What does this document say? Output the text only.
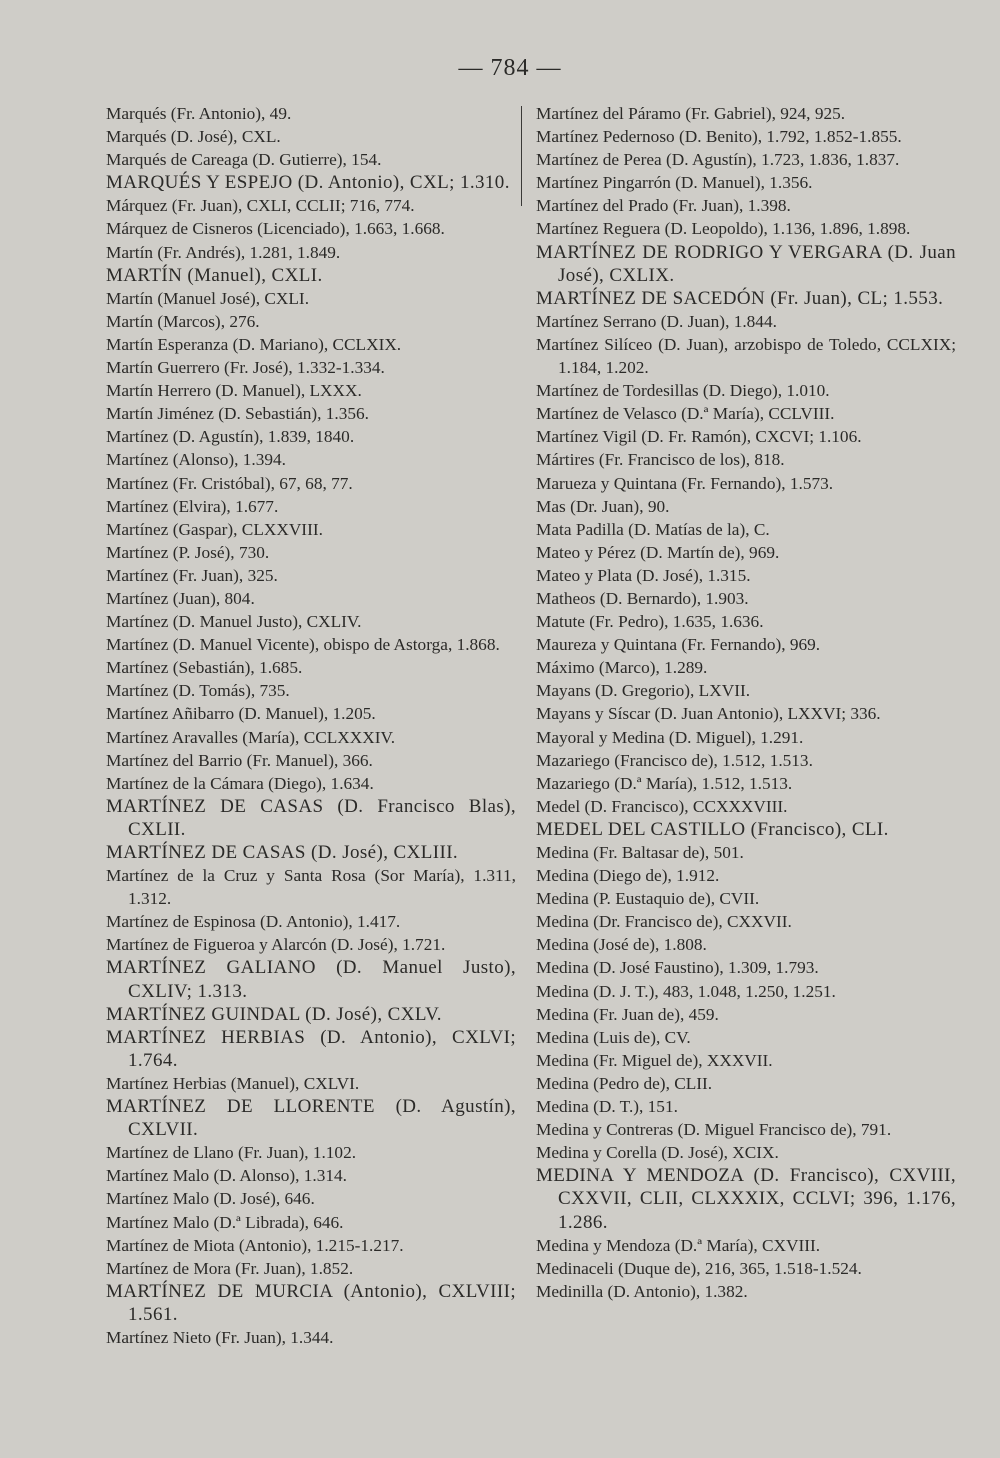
— 784 —
Marqués (Fr. Antonio), 49.
Marqués (D. José), CXL.
Marqués de Careaga (D. Gutierre), 154.
MARQUÉS Y ESPEJO (D. Antonio), CXL; 1.310.
Márquez (Fr. Juan), CXLI, CCLII; 716, 774.
Márquez de Cisneros (Licenciado), 1.663, 1.668.
Martín (Fr. Andrés), 1.281, 1.849.
MARTÍN (Manuel), CXLI.
Martín (Manuel José), CXLI.
Martín (Marcos), 276.
Martín Esperanza (D. Mariano), CCLXIX.
Martín Guerrero (Fr. José), 1.332-1.334.
Martín Herrero (D. Manuel), LXXX.
Martín Jiménez (D. Sebastián), 1.356.
Martínez (D. Agustín), 1.839, 1840.
Martínez (Alonso), 1.394.
Martínez (Fr. Cristóbal), 67, 68, 77.
Martínez (Elvira), 1.677.
Martínez (Gaspar), CLXXVIII.
Martínez (P. José), 730.
Martínez (Fr. Juan), 325.
Martínez (Juan), 804.
Martínez (D. Manuel Justo), CXLIV.
Martínez (D. Manuel Vicente), obispo de Astorga, 1.868.
Martínez (Sebastián), 1.685.
Martínez (D. Tomás), 735.
Martínez Añibarro (D. Manuel), 1.205.
Martínez Aravalles (María), CCLXXXIV.
Martínez del Barrio (Fr. Manuel), 366.
Martínez de la Cámara (Diego), 1.634.
MARTÍNEZ DE CASAS (D. Francisco Blas), CXLII.
MARTÍNEZ DE CASAS (D. José), CXLIII.
Martínez de la Cruz y Santa Rosa (Sor María), 1.311, 1.312.
Martínez de Espinosa (D. Antonio), 1.417.
Martínez de Figueroa y Alarcón (D. José), 1.721.
MARTÍNEZ GALIANO (D. Manuel Justo), CXLIV; 1.313.
MARTÍNEZ GUINDAL (D. José), CXLV.
MARTÍNEZ HERBIAS (D. Antonio), CXLVI; 1.764.
Martínez Herbias (Manuel), CXLVI.
MARTÍNEZ DE LLORENTE (D. Agustín), CXLVII.
Martínez de Llano (Fr. Juan), 1.102.
Martínez Malo (D. Alonso), 1.314.
Martínez Malo (D. José), 646.
Martínez Malo (D.ª Librada), 646.
Martínez de Miota (Antonio), 1.215-1.217.
Martínez de Mora (Fr. Juan), 1.852.
MARTÍNEZ DE MURCIA (Antonio), CXLVIII; 1.561.
Martínez Nieto (Fr. Juan), 1.344.
Martínez del Páramo (Fr. Gabriel), 924, 925.
Martínez Pedernoso (D. Benito), 1.792, 1.852-1.855.
Martínez de Perea (D. Agustín), 1.723, 1.836, 1.837.
Martínez Pingarrón (D. Manuel), 1.356.
Martínez del Prado (Fr. Juan), 1.398.
Martínez Reguera (D. Leopoldo), 1.136, 1.896, 1.898.
MARTÍNEZ DE RODRIGO Y VERGARA (D. Juan José), CXLIX.
MARTÍNEZ DE SACEDÓN (Fr. Juan), CL; 1.553.
Martínez Serrano (D. Juan), 1.844.
Martínez Silíceo (D. Juan), arzobispo de Toledo, CCLXIX; 1.184, 1.202.
Martínez de Tordesillas (D. Diego), 1.010.
Martínez de Velasco (D.ª María), CCLVIII.
Martínez Vigil (D. Fr. Ramón), CXCVI; 1.106.
Mártires (Fr. Francisco de los), 818.
Marueza y Quintana (Fr. Fernando), 1.573.
Mas (Dr. Juan), 90.
Mata Padilla (D. Matías de la), C.
Mateo y Pérez (D. Martín de), 969.
Mateo y Plata (D. José), 1.315.
Matheos (D. Bernardo), 1.903.
Matute (Fr. Pedro), 1.635, 1.636.
Maureza y Quintana (Fr. Fernando), 969.
Máximo (Marco), 1.289.
Mayans (D. Gregorio), LXVII.
Mayans y Síscar (D. Juan Antonio), LXXVI; 336.
Mayoral y Medina (D. Miguel), 1.291.
Mazariego (Francisco de), 1.512, 1.513.
Mazariego (D.ª María), 1.512, 1.513.
Medel (D. Francisco), CCXXXVIII.
MEDEL DEL CASTILLO (Francisco), CLI.
Medina (Fr. Baltasar de), 501.
Medina (Diego de), 1.912.
Medina (P. Eustaquio de), CVII.
Medina (Dr. Francisco de), CXXVII.
Medina (José de), 1.808.
Medina (D. José Faustino), 1.309, 1.793.
Medina (D. J. T.), 483, 1.048, 1.250, 1.251.
Medina (Fr. Juan de), 459.
Medina (Luis de), CV.
Medina (Fr. Miguel de), XXXVII.
Medina (Pedro de), CLII.
Medina (D. T.), 151.
Medina y Contreras (D. Miguel Francisco de), 791.
Medina y Corella (D. José), XCIX.
MEDINA Y MENDOZA (D. Francisco), CXVIII, CXXVII, CLII, CLXXXIX, CCLVI; 396, 1.176, 1.286.
Medina y Mendoza (D.ª María), CXVIII.
Medinaceli (Duque de), 216, 365, 1.518-1.524.
Medinilla (D. Antonio), 1.382.
